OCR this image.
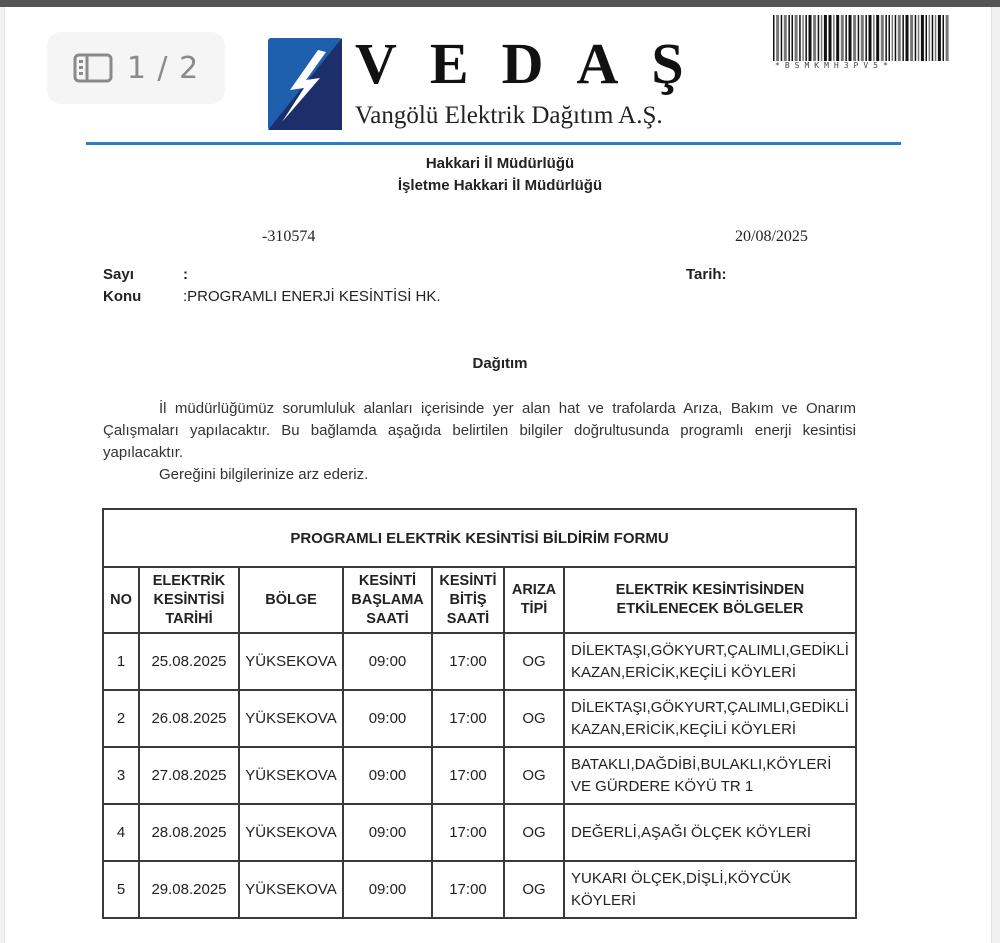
1 / 2	VEDAŞ
Vangölü Elektrik Dağıtım A.Ş.
*BSMKMH3PV5*
Hakkari İl Müdürlüğü
İşletme Hakkari İl Müdürlüğü
-310574	20/08/2025
Sayı	:	Tarih:
Konu	:PROGRAMLI ENERJİ KESİNTİSİ HK.
Dağıtım
İl müdürlüğümüz sorumluluk alanları içerisinde yer alan hat ve trafolarda Arıza, Bakım ve Onarım Çalışmaları yapılacaktır. Bu bağlamda aşağıda belirtilen bilgiler doğrultusunda programlı enerji kesintisi yapılacaktır.
Gereğini bilgilerinize arz ederiz.
PROGRAMLI ELEKTRİK KESİNTİSİ BİLDİRİM FORMU						
NO	ELEKTRİK KESİNTİSİ TARİHİ	BÖLGE	KESİNTİ BAŞLAMA SAATİ	KESİNTİ BİTİŞ SAATİ	ARIZA TİPİ	ELEKTRİK KESİNTİSİNDEN ETKİLENECEK BÖLGELER
1	25.08.2025	YÜKSEKOVA	09:00	17:00	OG	DİLEKTAŞI,GÖKYURT,ÇALIMLI,GEDİKLİ KAZAN,ERİCİK,KEÇİLİ KÖYLERİ
2	26.08.2025	YÜKSEKOVA	09:00	17:00	OG	DİLEKTAŞI,GÖKYURT,ÇALIMLI,GEDİKLİ KAZAN,ERİCİK,KEÇİLİ KÖYLERİ
3	27.08.2025	YÜKSEKOVA	09:00	17:00	OG	BATAKLI,DAĞDİBİ,BULAKLI,KÖYLERİ VE GÜRDERE KÖYÜ TR 1
4	28.08.2025	YÜKSEKOVA	09:00	17:00	OG	DEĞERLİ,AŞAĞI ÖLÇEK KÖYLERİ
5	29.08.2025	YÜKSEKOVA	09:00	17:00	OG	YUKARI ÖLÇEK,DİŞLİ,KÖYCÜK KÖYLERİ
